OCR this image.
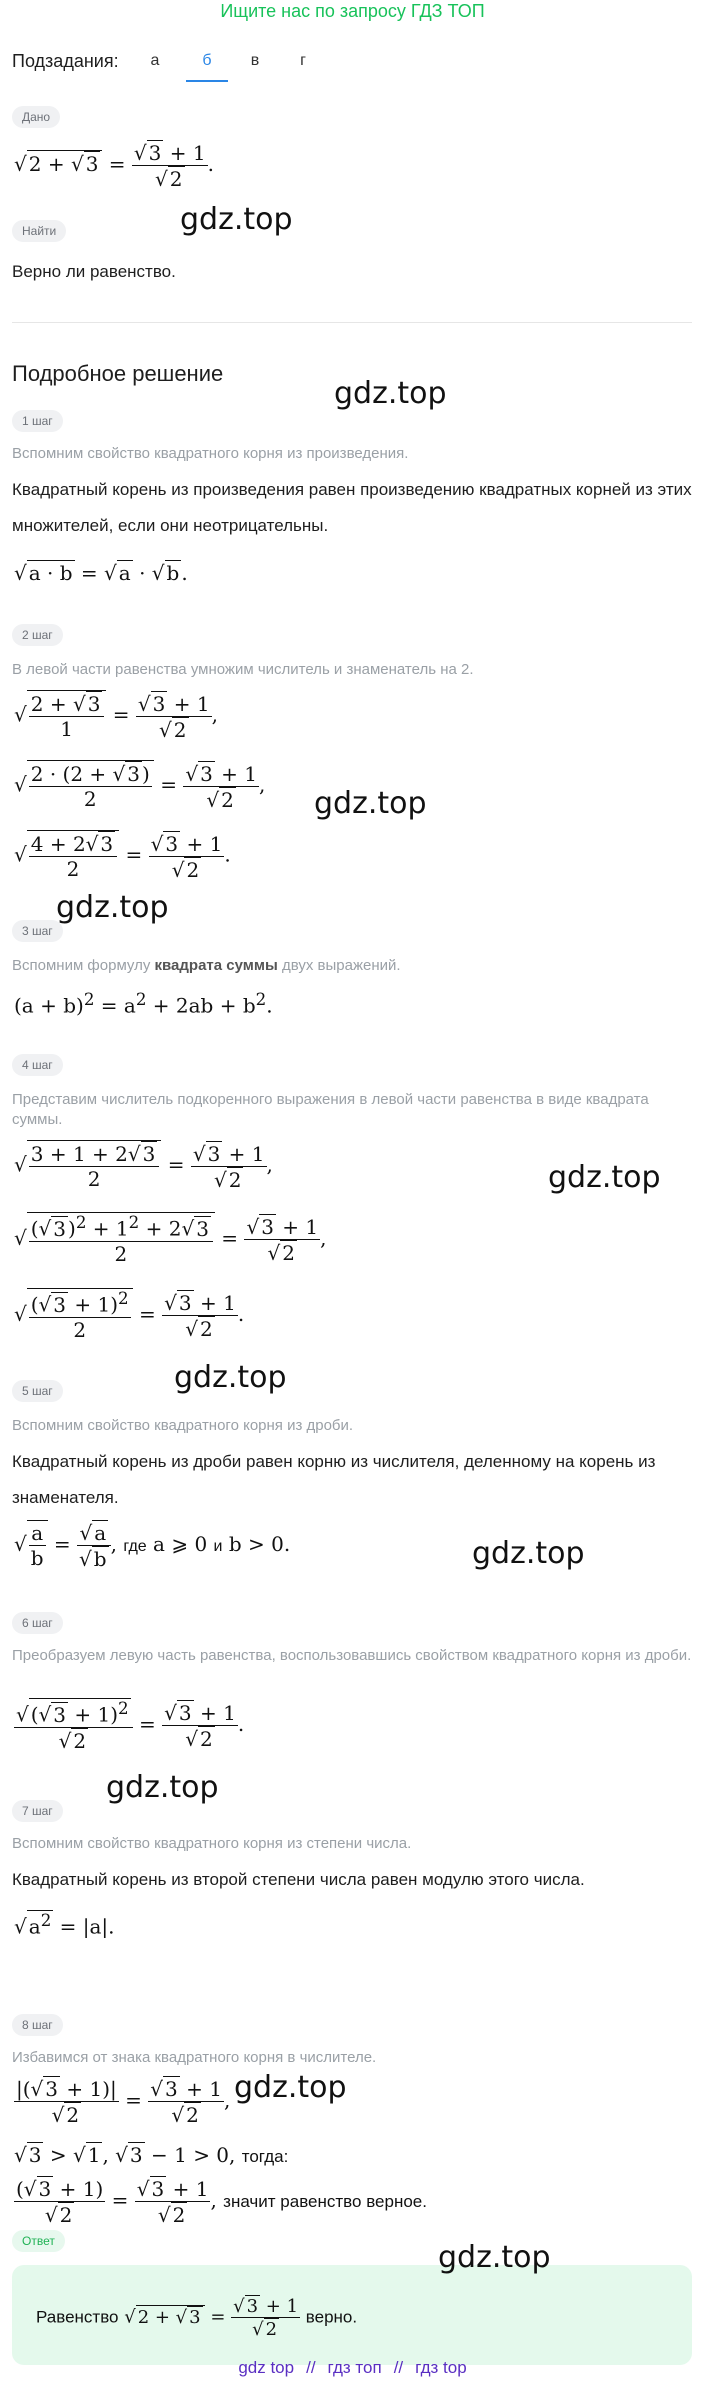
Ищите нас по запросу ГДЗ ТОП
Подзадания:	а	б	в	г
Дано
√ 2 + √ $3 = \frac{√ 3 + 1}{√ 2}$ .
Найти
Верно ли равенство.
Подробное решение
1 шаг
Вспомним свойство квадратного корня из произведения.
Квадратный корень из произведения равен произведению квадратных корней из этих множителей, если они неотрицательны.
√ a · b = √ a · √ b .
2 шаг
В левой части равенства умножим числитель и знаменатель на 2.
√ $\frac{2 + √ 3}{1} = \frac{√ 3 + 1}{√ 2}$ ,
√ $\frac{2 \cdot (2 + √ 3 )}{2} = \frac{√ 3 + 1}{√ 2}$ ,
√ $\frac{4 + 2√ 3}{2} = \frac{√ 3 + 1}{√ 2}$ .
3 шаг
Вспомним формулу квадрата суммы двух выражений.
$(a + b)^2 = a^2 + 2ab + b^2$.
4 шаг
Представим числитель подкоренного выражения в левой части равенства в виде квадрата суммы.
√ $\frac{3 + 1 + 2√ 3}{2} = \frac{√ 3 + 1}{√ 2}$ ,
√ $\frac{(√ 3 )^2 + 1^2 + 2√ 3}{2} = \frac{√ 3 + 1}{√ 2}$ ,
√ $\frac{(√ 3 + 1)^2}{2} = \frac{√ 3 + 1}{√ 2}$ .
5 шаг
Вспомним свойство квадратного корня из дроби.
Квадратный корень из дроби равен корню из числителя, деленному на корень из знаменателя.
√ $\frac{a}{b} = \frac{√ a}{√ b}$ , где a ⩾ 0 и b > 0.
6 шаг
Преобразуем левую часть равенства, воспользовавшись свойством квадратного корня из дроби.
$\frac{√ (√ 3 + 1)^2}{√ 2} = \frac{√ 3 + 1}{√ 2}$ .
7 шаг
Вспомним свойство квадратного корня из степени числа.
Квадратный корень из второй степени числа равен модулю этого числа.
√ $a^2 = |a|$.
8 шаг
Избавимся от знака квадратного корня в числителе.
$\frac{|(√ 3 + 1)|}{√ 2} = \frac{√ 3 + 1}{√ 2}$ ,
√ 3 > √ 1 , √ 3 − 1 > 0, тогда:
$\frac{(√ 3 + 1)}{√ 2} = \frac{√ 3 + 1}{√ 2}$ , значит равенство верное.
Ответ
Равенство √ 2 + √ $3 = \frac{√ 3 + 1}{√ 2}$ верно.
gdz.top
gdz.top
gdz.top
gdz.top
gdz.top
gdz.top
gdz.top
gdz.top
gdz.top
gdz.top
gdz top // гдз топ // гдз top
